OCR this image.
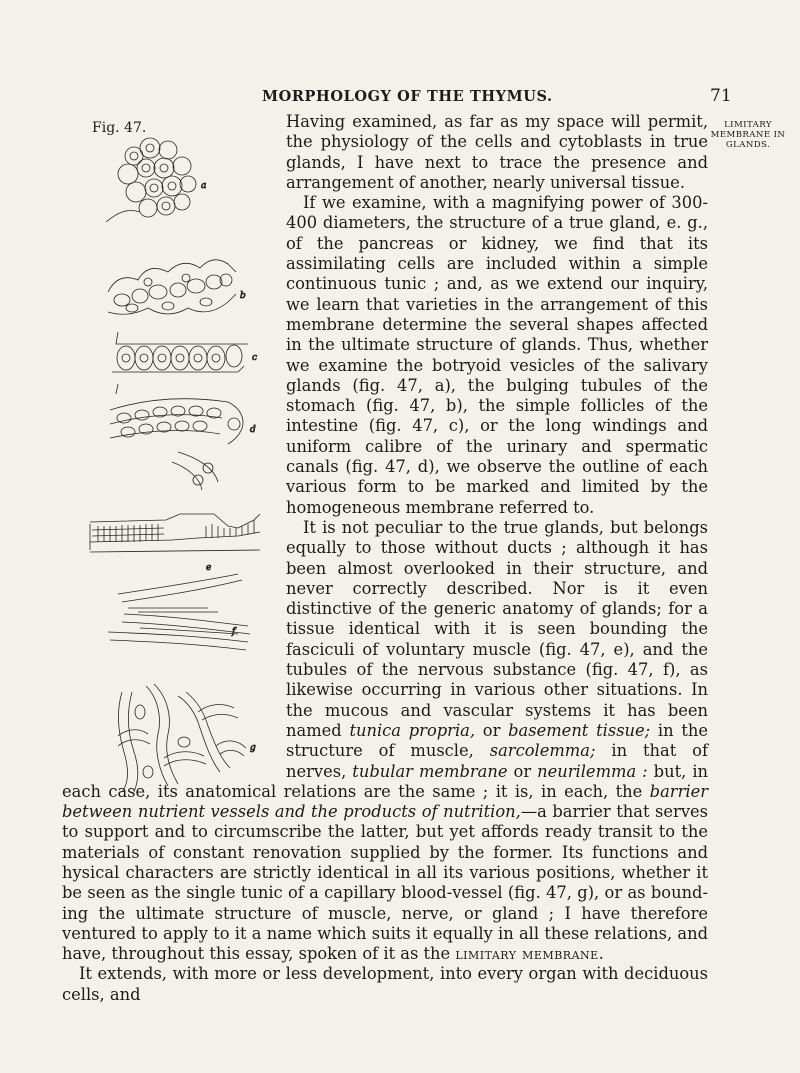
MORPHOLOGY OF THE THYMUS.	71
LIMITARY MEMBRANE IN GLANDS.
Fig. 47.
a
b
c
d
e
f
g

Having examined, as far as my space will permit, the physiology of the cells and cytoblasts in true glands, I have next to trace the presence and arrangement of another, nearly universal tissue.

If we examine, with a magnifying power of 300-400 diameters, the structure of a true gland, e. g., of the pancreas or kidney, we find that its assimilating cells are included within a simple continuous tunic ; and, as we extend our inquiry, we learn that varieties in the arrangement of this membrane determine the several shapes affected in the ultimate structure of glands. Thus, whether we examine the botryoid vesicles of the salivary glands (fig. 47, a), the bulging tubules of the stomach (fig. 47, b), the simple follicles of the intestine (fig. 47, c), or the long windings and uniform calibre of the urinary and spermatic canals (fig. 47, d), we observe the outline of each various form to be marked and limited by the homogeneous membrane referred to.

It is not peculiar to the true glands, but belongs equally to those without ducts ; although it has been almost overlooked in their structure, and never correctly described. Nor is it even distinctive of the generic anatomy of glands; for a tissue identical with it is seen bounding the fasciculi of voluntary muscle (fig. 47, e), and the tubules of the nervous substance (fig. 47, f), as likewise occurring in various other situations. In the mucous and vascular systems it has been named tunica propria, or basement tissue; in the structure of muscle, sarcolemma; in that of nerves, tubular membrane or neurilemma : but, in each case, its anatomical relations are the same ; it is, in each, the barrier between nutrient vessels and the products of nutrition,—a barrier that serves to support and to circumscribe the latter, but yet affords ready transit to the materials of constant renovation supplied by the former. Its functions and hysical characters are strictly identical in all its various positions, whether it be seen as the single tunic of a capillary blood-vessel (fig. 47, g), or as bounding the ultimate structure of muscle, nerve, or gland ; I have therefore ventured to apply to it a name which suits it equally in all these relations, and have, throughout this essay, spoken of it as the limitary membrane.

It extends, with more or less development, into every organ with deciduous cells, and
